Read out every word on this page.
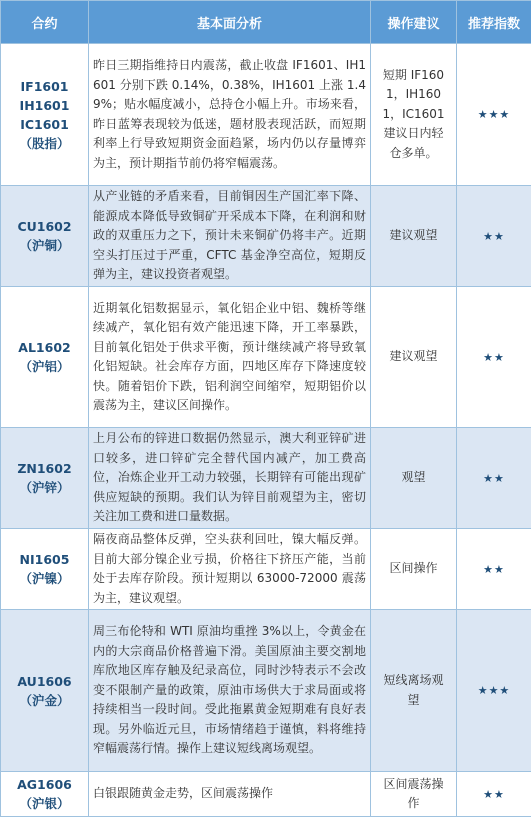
合约	基本面分析	操作建议	推荐指数

IF1601
IH1601
IC1601
（股指）	昨日三期指维持日内震荡，截止收盘 IF1601、IH1601 分别下跌 0.14%，0.38%，IH1601 上涨 1.49%；贴水幅度减小，总持仓小幅上升。市场来看，昨日蓝筹表现较为低迷，题材股表现活跃，而短期利率上行导致短期资金面趋紧，场内仍以存量博弈为主，预计期指节前仍将窄幅震荡。	短期 IF1601，IH1601，IC1601 建议日内轻仓多单。	★★★

CU1602
（沪铜）	从产业链的矛盾来看，目前铜因生产国汇率下降、能源成本降低导致铜矿开采成本下降，在利润和财政的双重压力之下，预计未来铜矿仍将丰产。近期空头打压过于严重，CFTC 基金净空高位，短期反弹为主，建议投资者观望。	建议观望	★★

AL1602
（沪铝）	近期氧化铝数据显示，氧化铝企业中铝、魏桥等继续减产，氧化铝有效产能迅速下降，开工率暴跌，目前氧化铝处于供求平衡，预计继续减产将导致氧化铝短缺。社会库存方面，四地区库存下降速度较快。随着铝价下跌，铝利润空间缩窄，短期铝价以震荡为主，建议区间操作。	建议观望	★★

ZN1602
（沪锌）	上月公布的锌进口数据仍然显示，澳大利亚锌矿进口较多，进口锌矿完全替代国内减产，加工费高位，冶炼企业开工动力较强，长期锌有可能出现矿供应短缺的预期。我们认为锌目前观望为主，密切关注加工费和进口量数据。	观望	★★

NI1605
（沪镍）	隔夜商品整体反弹，空头获利回吐，镍大幅反弹。目前大部分镍企业亏损，价格往下挤压产能，当前处于去库存阶段。预计短期以 63000-72000 震荡为主，建议观望。	区间操作	★★

AU1606
（沪金）	周三布伦特和 WTI 原油均重挫 3%以上，令黄金在内的大宗商品价格普遍下滑。美国原油主要交割地库欣地区库存触及纪录高位，同时沙特表示不会改变不限制产量的政策，原油市场供大于求局面或将持续相当一段时间。受此拖累黄金短期难有良好表现。另外临近元旦，市场情绪趋于谨慎，料将维持窄幅震荡行情。操作上建议短线离场观望。	短线离场观望	★★★

AG1606
（沪银）	白银跟随黄金走势，区间震荡操作	区间震荡操作	★★
